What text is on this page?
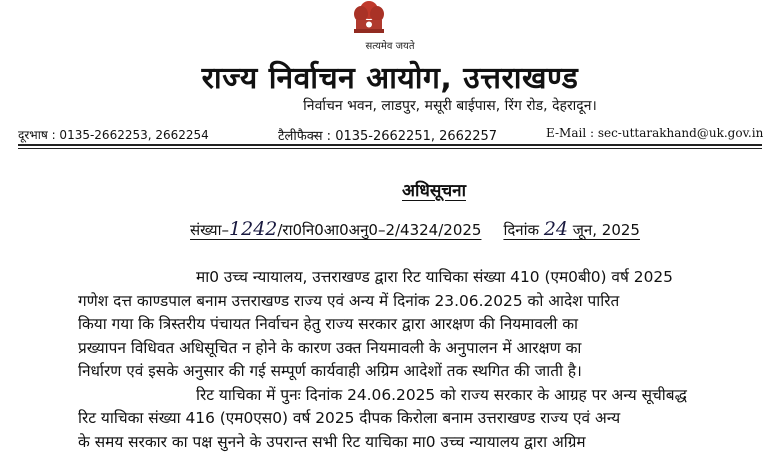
सत्यमेव जयते
राज्य निर्वाचन आयोग, उत्तराखण्ड
निर्वाचन भवन, लाडपुर, मसूरी बाईपास, रिंग रोड, देहरादून।
दूरभाष : 0135-2662253, 2662254	टैलीफैक्स : 0135-2662251, 2662257	E-Mail : sec-uttarakhand@uk.gov.in
अधिसूचना
संख्या–1242/रा0नि0आ0अनु0–2/4324/2025 दिनांक 24 जून, 2025
मा0 उच्च न्यायालय, उत्तराखण्ड द्वारा रिट याचिका संख्या 410 (एम0बी0) वर्ष 2025
गणेश दत्त काण्डपाल बनाम उत्तराखण्ड राज्य एवं अन्य में दिनांक 23.06.2025 को आदेश पारित
किया गया कि त्रिस्तरीय पंचायत निर्वाचन हेतु राज्य सरकार द्वारा आरक्षण की नियमावली का
प्रख्यापन विधिवत अधिसूचित न होने के कारण उक्त नियमावली के अनुपालन में आरक्षण का
निर्धारण एवं इसके अनुसार की गई सम्पूर्ण कार्यवाही अग्रिम आदेशों तक स्थगित की जाती है।
रिट याचिका में पुनः दिनांक 24.06.2025 को राज्य सरकार के आग्रह पर अन्य सूचीबद्ध
रिट याचिका संख्या 416 (एम0एस0) वर्ष 2025 दीपक किरोला बनाम उत्तराखण्ड राज्य एवं अन्य
के समय सरकार का पक्ष सुनने के उपरान्त सभी रिट याचिका मा0 उच्च न्यायालय द्वारा अग्रिम
